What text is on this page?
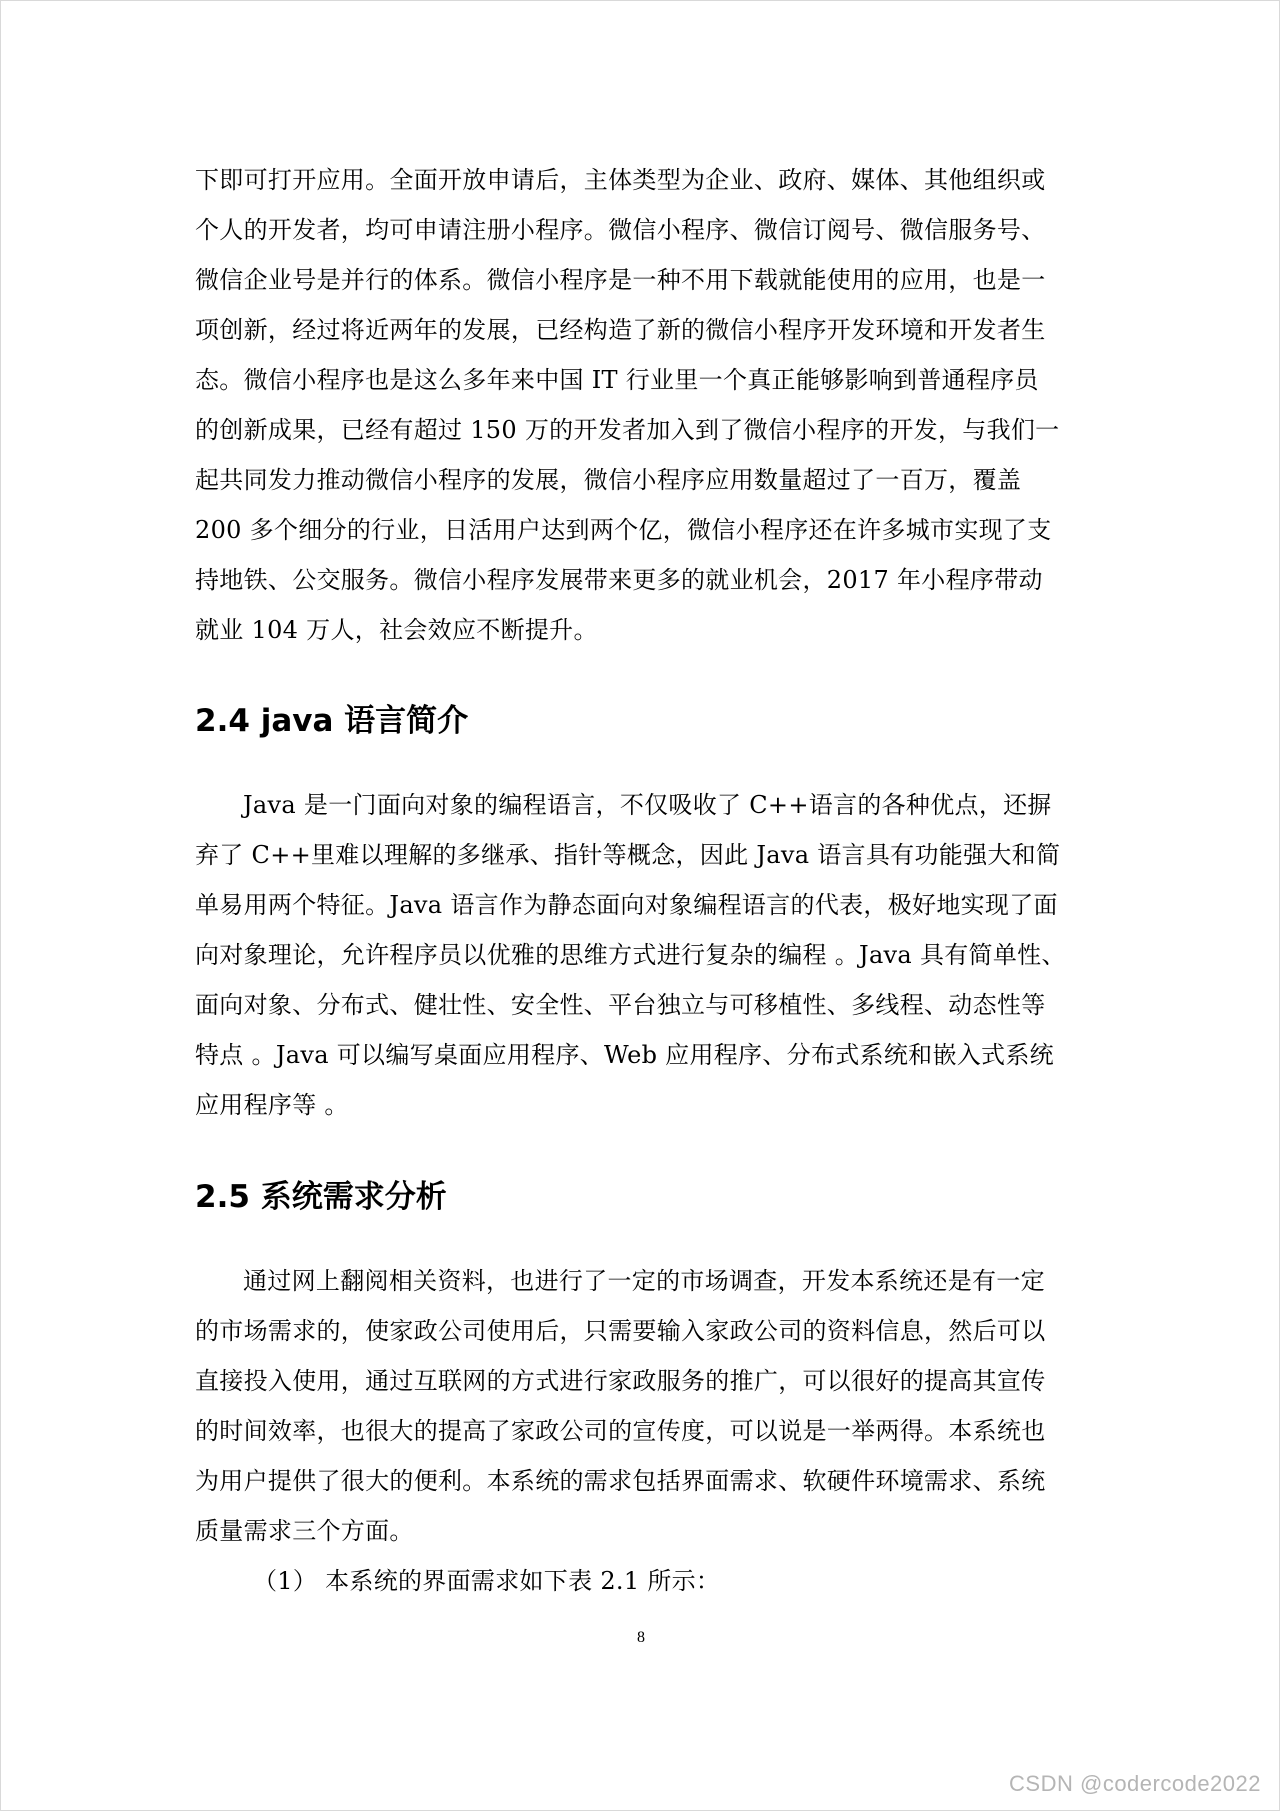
下即可打开应用。全面开放申请后，主体类型为企业、政府、媒体、其他组织或
个人的开发者，均可申请注册小程序。微信小程序、微信订阅号、微信服务号、
微信企业号是并行的体系。微信小程序是一种不用下载就能使用的应用，也是一
项创新，经过将近两年的发展，已经构造了新的微信小程序开发环境和开发者生
态。微信小程序也是这么多年来中国 IT 行业里一个真正能够影响到普通程序员
的创新成果，已经有超过 150 万的开发者加入到了微信小程序的开发，与我们一
起共同发力推动微信小程序的发展，微信小程序应用数量超过了一百万，覆盖
200 多个细分的行业，日活用户达到两个亿，微信小程序还在许多城市实现了支
持地铁、公交服务。微信小程序发展带来更多的就业机会，2017 年小程序带动
就业 104 万人，社会效应不断提升。
2.4 java 语言简介
Java 是一门面向对象的编程语言，不仅吸收了 C++语言的各种优点，还摒
弃了 C++里难以理解的多继承、指针等概念，因此 Java 语言具有功能强大和简
单易用两个特征。Java 语言作为静态面向对象编程语言的代表，极好地实现了面
向对象理论，允许程序员以优雅的思维方式进行复杂的编程 。Java 具有简单性、
面向对象、分布式、健壮性、安全性、平台独立与可移植性、多线程、动态性等
特点 。Java 可以编写桌面应用程序、Web 应用程序、分布式系统和嵌入式系统
应用程序等 。
2.5 系统需求分析
通过网上翻阅相关资料，也进行了一定的市场调查，开发本系统还是有一定
的市场需求的，使家政公司使用后，只需要输入家政公司的资料信息，然后可以
直接投入使用，通过互联网的方式进行家政服务的推广，可以很好的提高其宣传
的时间效率，也很大的提高了家政公司的宣传度，可以说是一举两得。本系统也
为用户提供了很大的便利。本系统的需求包括界面需求、软硬件环境需求、系统
质量需求三个方面。
（1） 本系统的界面需求如下表 2.1 所示：
8
CSDN @codercode2022
